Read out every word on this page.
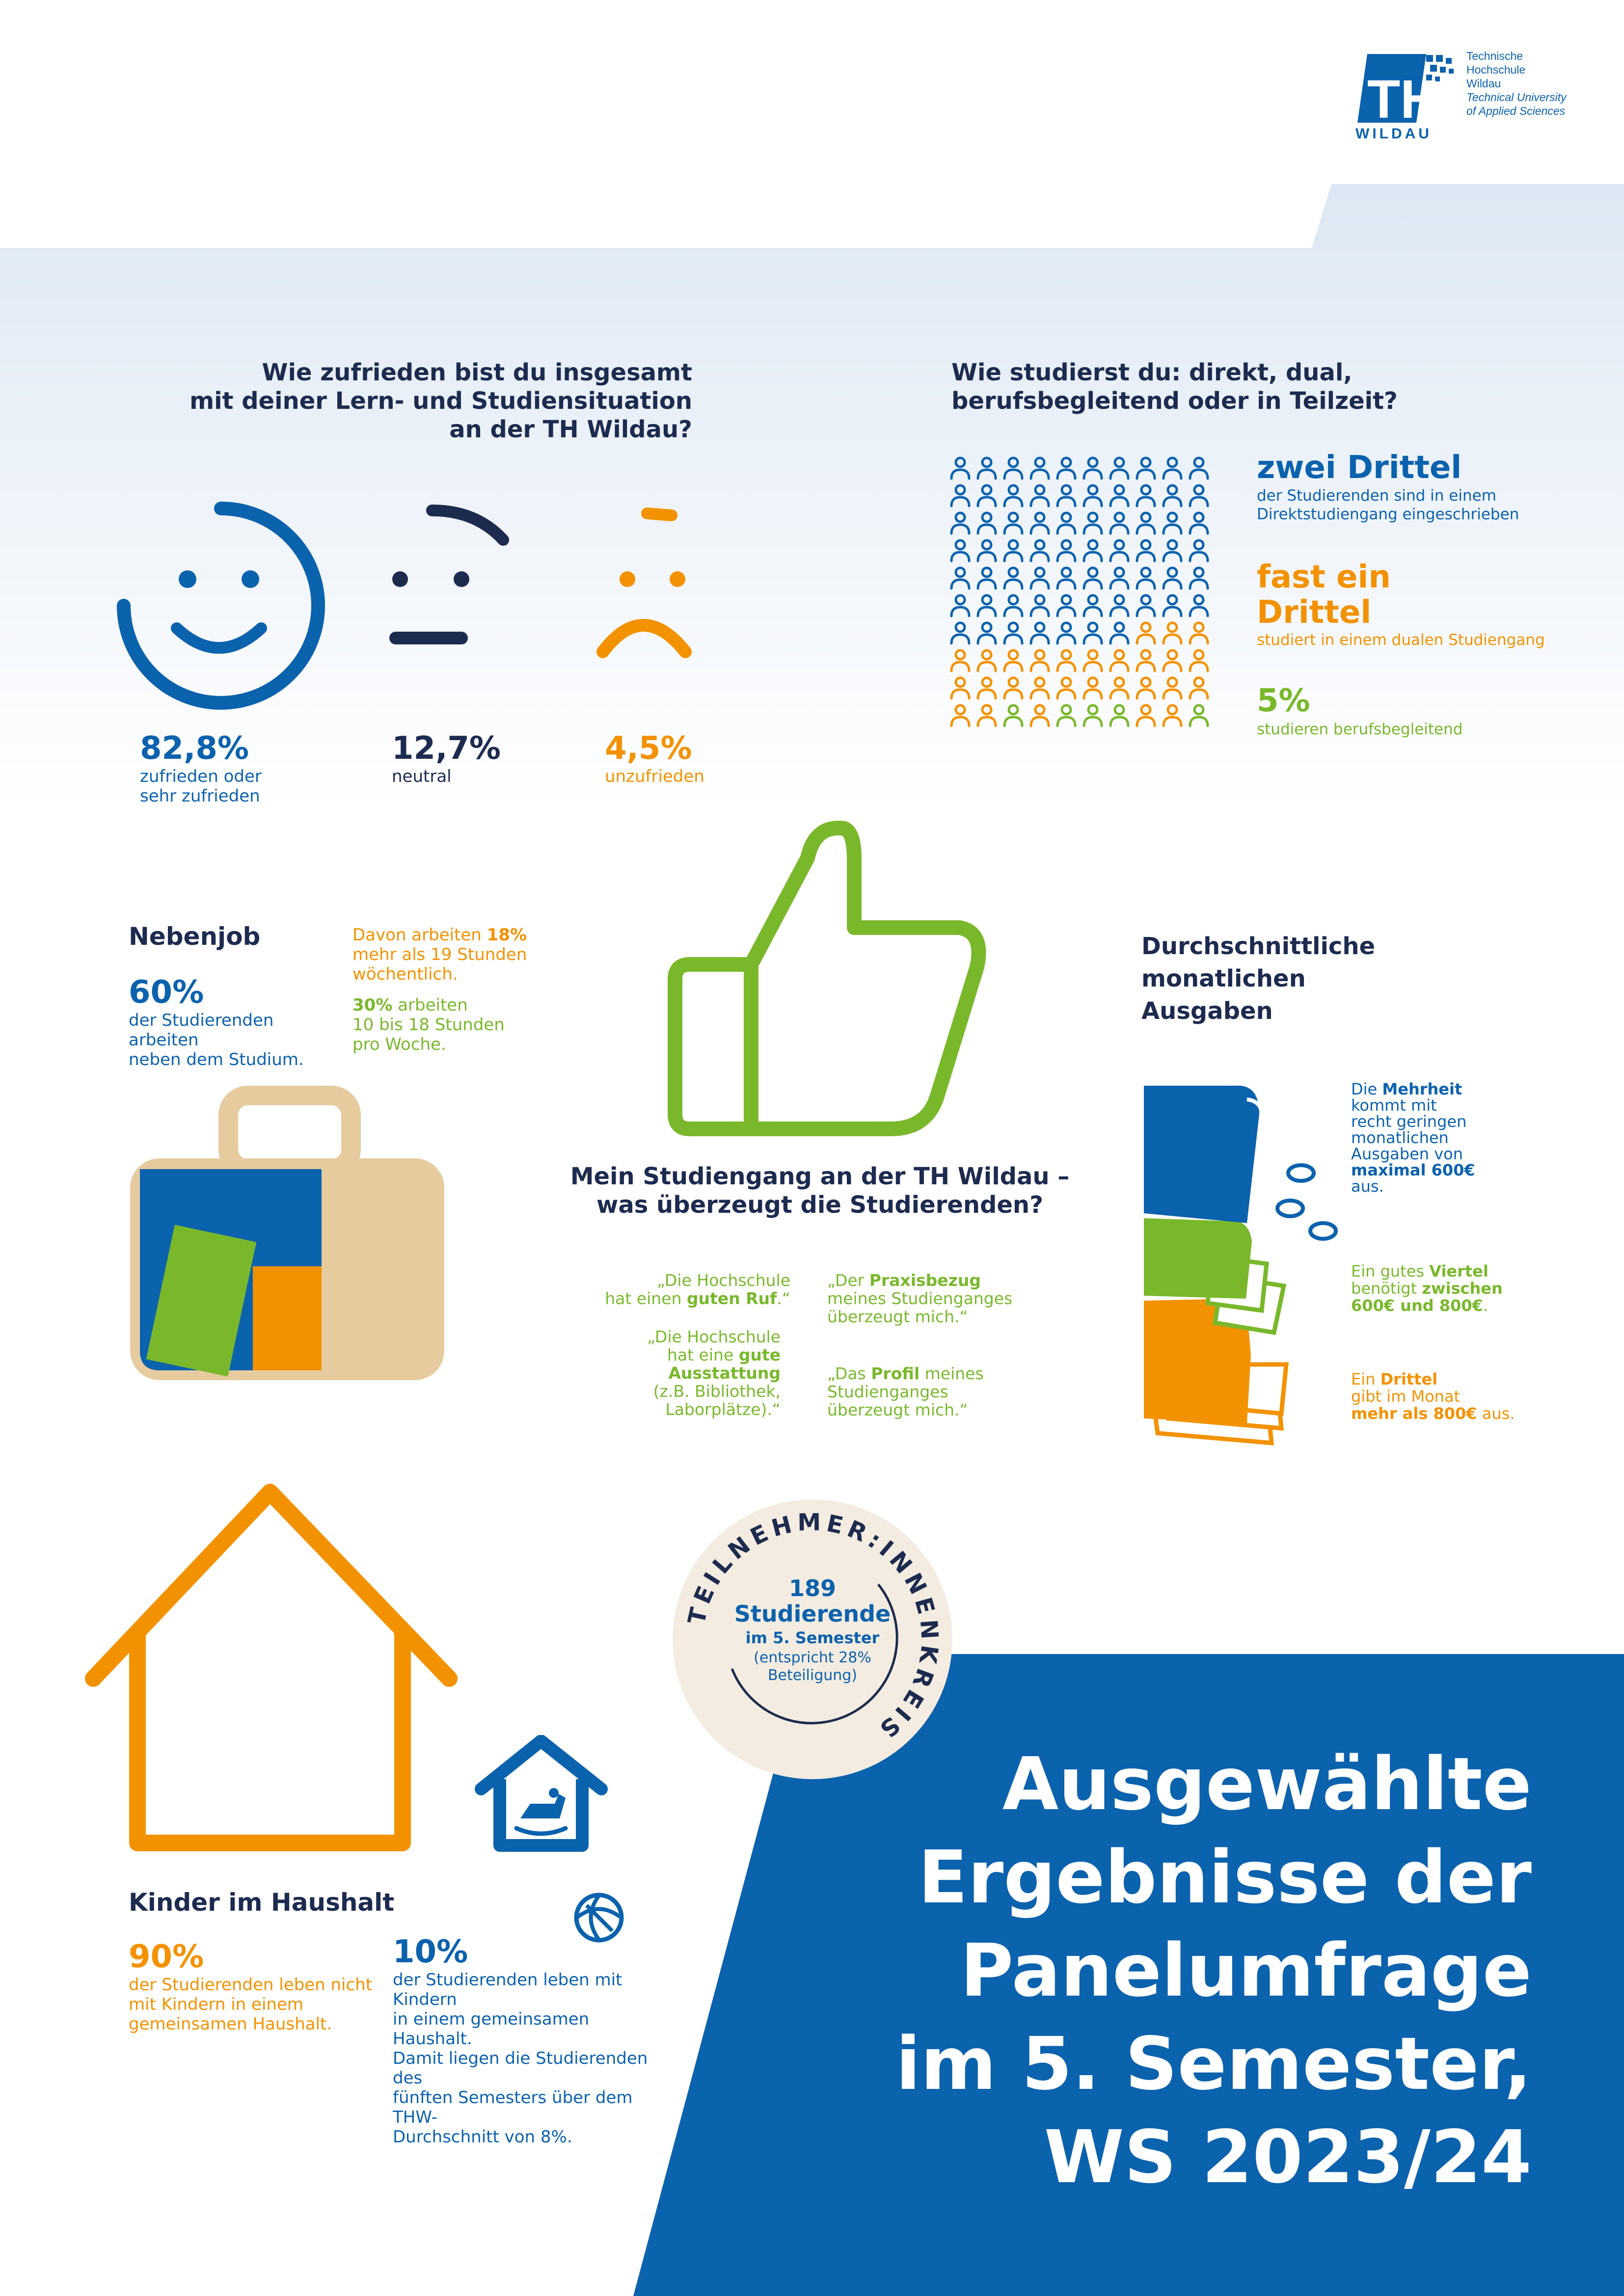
TH
WILDAU
Technische
Hochschule
Wildau
Technical University
of Applied Sciences
Wie zufrieden bist du insgesamt
mit deiner Lern- und Studiensituation
an der TH Wildau?
82,8%
zufrieden oder
sehr zufrieden
12,7%
neutral
4,5%
unzufrieden
Wie studierst du: direkt, dual,
berufsbegleitend oder in Teilzeit?
zwei Drittel
der Studierenden sind in einem
Direktstudiengang eingeschrieben
fast ein
Drittel
studiert in einem dualen Studiengang
5%
studieren berufsbegleitend
Nebenjob
60%
der Studierenden arbeiten
neben dem Studium.
Davon arbeiten 18%
mehr als 19 Stunden
wöchentlich.
30% arbeiten
10 bis 18 Stunden
pro Woche.
Mein Studiengang an der TH Wildau –
was überzeugt die Studierenden?
„Die Hochschule
hat einen guten Ruf.“
„Die Hochschule
hat eine gute
Ausstattung
(z.B. Bibliothek,
Laborplätze).“
„Der Praxisbezug
meines Studienganges
überzeugt mich.“
„Das Profil meines
Studienganges
überzeugt mich.“
Durchschnittliche
monatlichen
Ausgaben
Die Mehrheit
kommt mit
recht geringen
monatlichen
Ausgaben von
maximal 600€
aus.
Ein gutes Viertel
benötigt zwischen
600€ und 800€.
Ein Drittel
gibt im Monat
mehr als 800€ aus.
TEILNEHMER:INNENKREIS
189
Studierende
im 5. Semester
(entspricht 28%
Beteiligung)
Kinder im Haushalt
90%
der Studierenden leben nicht
mit Kindern in einem
gemeinsamen Haushalt.
10%
der Studierenden leben mit Kindern
in einem gemeinsamen Haushalt.
Damit liegen die Studierenden des
fünften Semesters über dem THW-
Durchschnitt von 8%.
Ausgewählte
Ergebnisse der
Panelumfrage
im 5. Semester,
WS 2023/24
